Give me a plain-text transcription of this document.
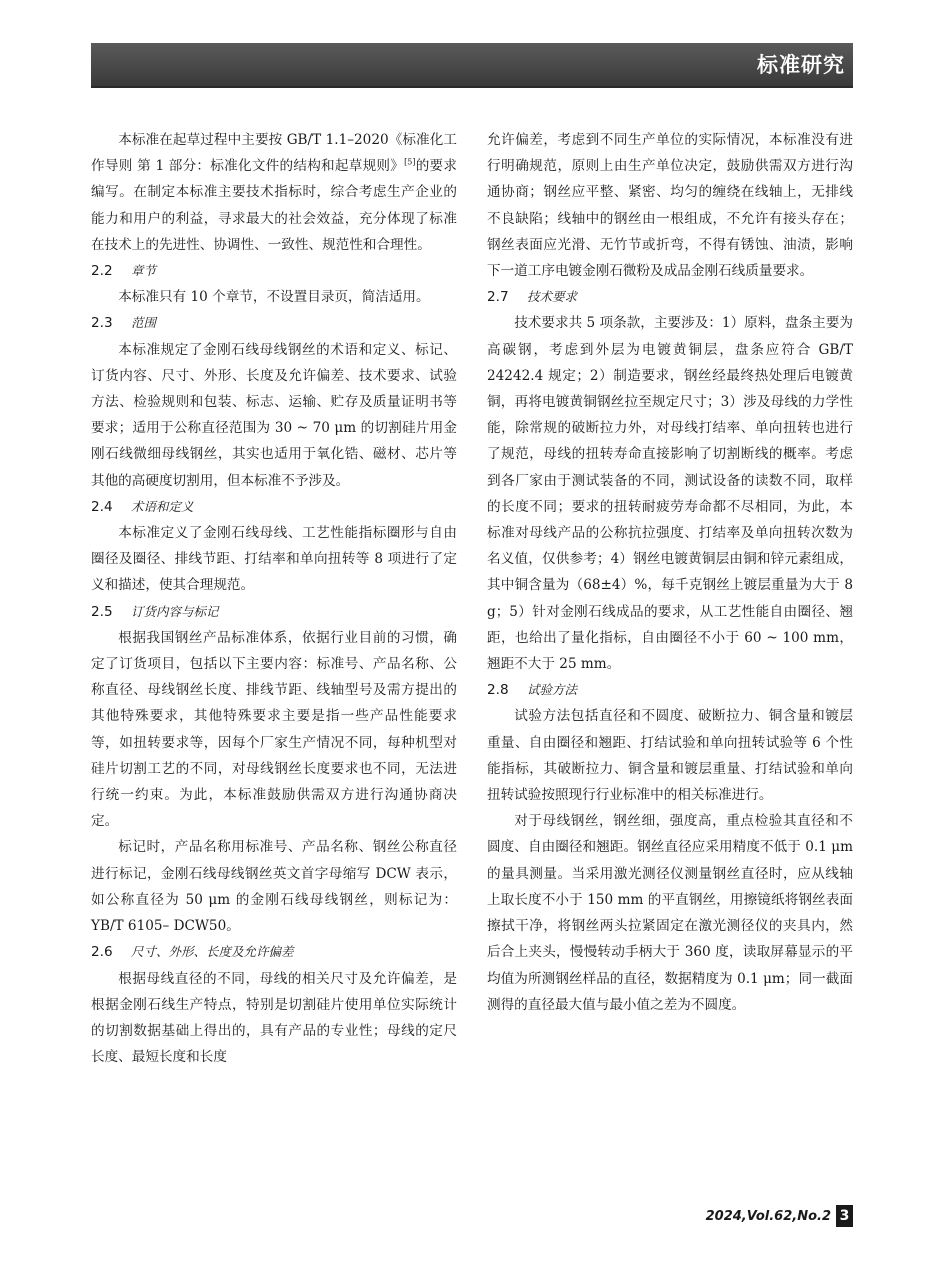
标准研究

本标准在起草过程中主要按 GB/T 1.1–2020《标准化工作导则 第 1 部分：标准化文件的结构和起草规则》[5]的要求编写。在制定本标准主要技术指标时，综合考虑生产企业的能力和用户的利益，寻求最大的社会效益，充分体现了标准在技术上的先进性、协调性、一致性、规范性和合理性。

2.2 章节

本标准只有 10 个章节，不设置目录页，简洁适用。

2.3 范围

本标准规定了金刚石线母线钢丝的术语和定义、标记、订货内容、尺寸、外形、长度及允许偏差、技术要求、试验方法、检验规则和包装、标志、运输、贮存及质量证明书等要求；适用于公称直径范围为 30 ~ 70 μm 的切割硅片用金刚石线微细母线钢丝，其实也适用于氧化锆、磁材、芯片等其他的高硬度切割用，但本标准不予涉及。

2.4 术语和定义

本标准定义了金刚石线母线、工艺性能指标圈形与自由圈径及圈径、排线节距、打结率和单向扭转等 8 项进行了定义和描述，使其合理规范。

2.5 订货内容与标记

根据我国钢丝产品标准体系，依据行业目前的习惯，确定了订货项目，包括以下主要内容：标准号、产品名称、公称直径、母线钢丝长度、排线节距、线轴型号及需方提出的其他特殊要求，其他特殊要求主要是指一些产品性能要求等，如扭转要求等，因每个厂家生产情况不同，每种机型对硅片切割工艺的不同，对母线钢丝长度要求也不同，无法进行统一约束。为此，本标准鼓励供需双方进行沟通协商决定。

标记时，产品名称用标准号、产品名称、钢丝公称直径进行标记，金刚石线母线钢丝英文首字母缩写 DCW 表示，如公称直径为 50 μm 的金刚石线母线钢丝，则标记为：YB/T 6105– DCW50。

2.6 尺寸、外形、长度及允许偏差

根据母线直径的不同，母线的相关尺寸及允许偏差，是根据金刚石线生产特点，特别是切割硅片使用单位实际统计的切割数据基础上得出的，具有产品的专业性；母线的定尺长度、最短长度和长度

允许偏差，考虑到不同生产单位的实际情况，本标准没有进行明确规范，原则上由生产单位决定，鼓励供需双方进行沟通协商；钢丝应平整、紧密、均匀的缠绕在线轴上，无排线不良缺陷；线轴中的钢丝由一根组成，不允许有接头存在；钢丝表面应光滑、无竹节或折弯，不得有锈蚀、油渍，影响下一道工序电镀金刚石微粉及成品金刚石线质量要求。

2.7 技术要求

技术要求共 5 项条款，主要涉及：1）原料，盘条主要为高碳钢，考虑到外层为电镀黄铜层，盘条应符合 GB/T 24242.4 规定；2）制造要求，钢丝经最终热处理后电镀黄铜，再将电镀黄铜钢丝拉至规定尺寸；3）涉及母线的力学性能，除常规的破断拉力外，对母线打结率、单向扭转也进行了规范，母线的扭转寿命直接影响了切割断线的概率。考虑到各厂家由于测试装备的不同，测试设备的读数不同，取样的长度不同；要求的扭转耐疲劳寿命都不尽相同，为此，本标准对母线产品的公称抗拉强度、打结率及单向扭转次数为名义值，仅供参考；4）钢丝电镀黄铜层由铜和锌元素组成，其中铜含量为（68±4）%，每千克钢丝上镀层重量为大于 8 g；5）针对金刚石线成品的要求，从工艺性能自由圈径、翘距，也给出了量化指标，自由圈径不小于 60 ~ 100 mm，翘距不大于 25 mm。

2.8 试验方法

试验方法包括直径和不圆度、破断拉力、铜含量和镀层重量、自由圈径和翘距、打结试验和单向扭转试验等 6 个性能指标，其破断拉力、铜含量和镀层重量、打结试验和单向扭转试验按照现行行业标准中的相关标准进行。

对于母线钢丝，钢丝细，强度高，重点检验其直径和不圆度、自由圈径和翘距。钢丝直径应采用精度不低于 0.1 μm 的量具测量。当采用激光测径仪测量钢丝直径时，应从线轴上取长度不小于 150 mm 的平直钢丝，用擦镜纸将钢丝表面擦拭干净，将钢丝两头拉紧固定在激光测径仪的夹具内，然后合上夹头，慢慢转动手柄大于 360 度，读取屏幕显示的平均值为所测钢丝样品的直径，数据精度为 0.1 μm；同一截面测得的直径最大值与最小值之差为不圆度。

2024,Vol.62,No.2 3
